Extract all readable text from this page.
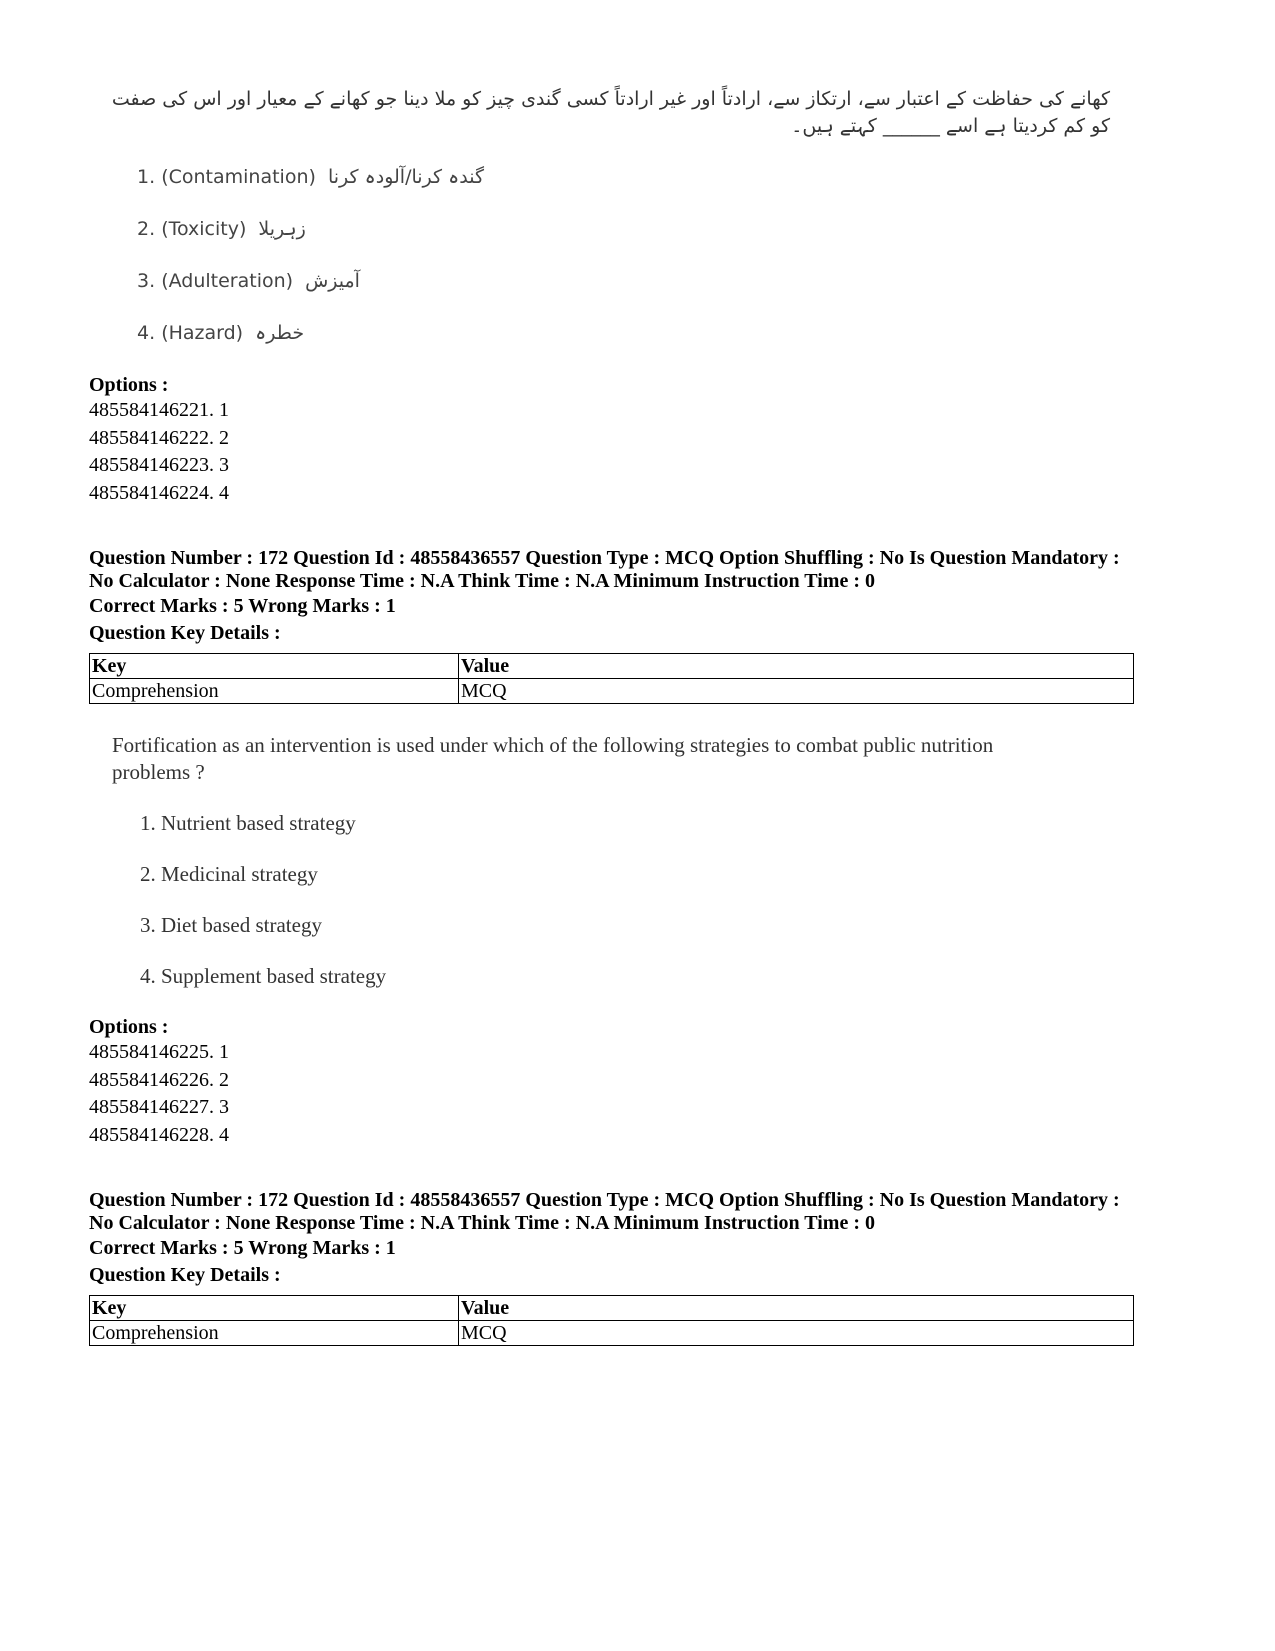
کھانے کی حفاظت کے اعتبار سے، ارتکاز سے، ارادتاً اور غیر ارادتاً کسی گندی چیز کو ملا دینا جو کھانے کے معیار اور اس کی صفت کو کم کردیتا ہے اسے ______ کہتے ہیں۔
1. (Contamination) گندہ کرنا/آلودہ کرنا
2. (Toxicity) زہریلا
3. (Adulteration) آمیزش
4. (Hazard) خطرہ
Options :
485584146221. 1
485584146222. 2
485584146223. 3
485584146224. 4
Question Number : 172 Question Id : 48558436557 Question Type : MCQ Option Shuffling : No Is Question Mandatory :
No Calculator : None Response Time : N.A Think Time : N.A Minimum Instruction Time : 0
Correct Marks : 5 Wrong Marks : 1
Question Key Details :
Key	Value
Comprehension	MCQ
Fortification as an intervention is used under which of the following strategies to combat public nutrition
problems ?
1. Nutrient based strategy
2. Medicinal strategy
3. Diet based strategy
4. Supplement based strategy
Options :
485584146225. 1
485584146226. 2
485584146227. 3
485584146228. 4
Question Number : 172 Question Id : 48558436557 Question Type : MCQ Option Shuffling : No Is Question Mandatory :
No Calculator : None Response Time : N.A Think Time : N.A Minimum Instruction Time : 0
Correct Marks : 5 Wrong Marks : 1
Question Key Details :
Key	Value
Comprehension	MCQ
